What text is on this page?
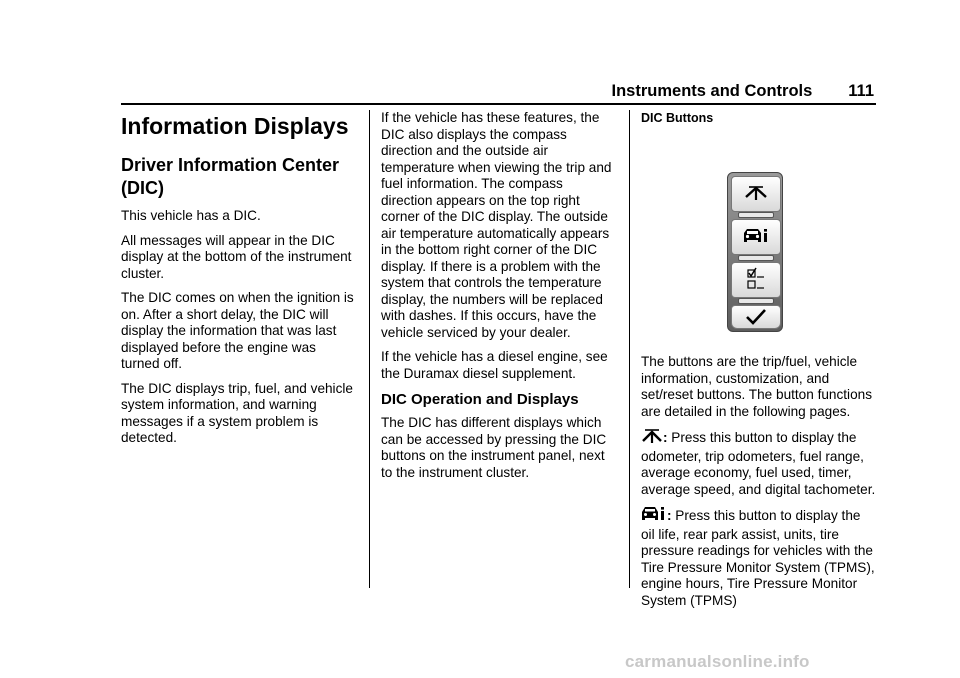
Instruments and Controls 111
Information Displays
Driver Information Center (DIC)

This vehicle has a DIC.

All messages will appear in the DIC display at the bottom of the instrument cluster.

The DIC comes on when the ignition is on. After a short delay, the DIC will display the information that was last displayed before the engine was turned off.

The DIC displays trip, fuel, and vehicle system information, and warning messages if a system problem is detected.

If the vehicle has these features, the DIC also displays the compass direction and the outside air temperature when viewing the trip and fuel information. The compass direction appears on the top right corner of the DIC display. The outside air temperature automatically appears in the bottom right corner of the DIC display. If there is a problem with the system that controls the temperature display, the numbers will be replaced with dashes. If this occurs, have the vehicle serviced by your dealer.

If the vehicle has a diesel engine, see the Duramax diesel supplement.

DIC Operation and Displays

The DIC has different displays which can be accessed by pressing the DIC buttons on the instrument panel, next to the instrument cluster.

DIC Buttons

The buttons are the trip/fuel, vehicle information, customization, and set/reset buttons. The button functions are detailed in the following pages.

: Press this button to display the odometer, trip odometers, fuel range, average economy, fuel used, timer, average speed, and digital tachometer.

: Press this button to display the oil life, rear park assist, units, tire pressure readings for vehicles with the Tire Pressure Monitor System (TPMS), engine hours, Tire Pressure Monitor System (TPMS)

carmanualsonline.info
